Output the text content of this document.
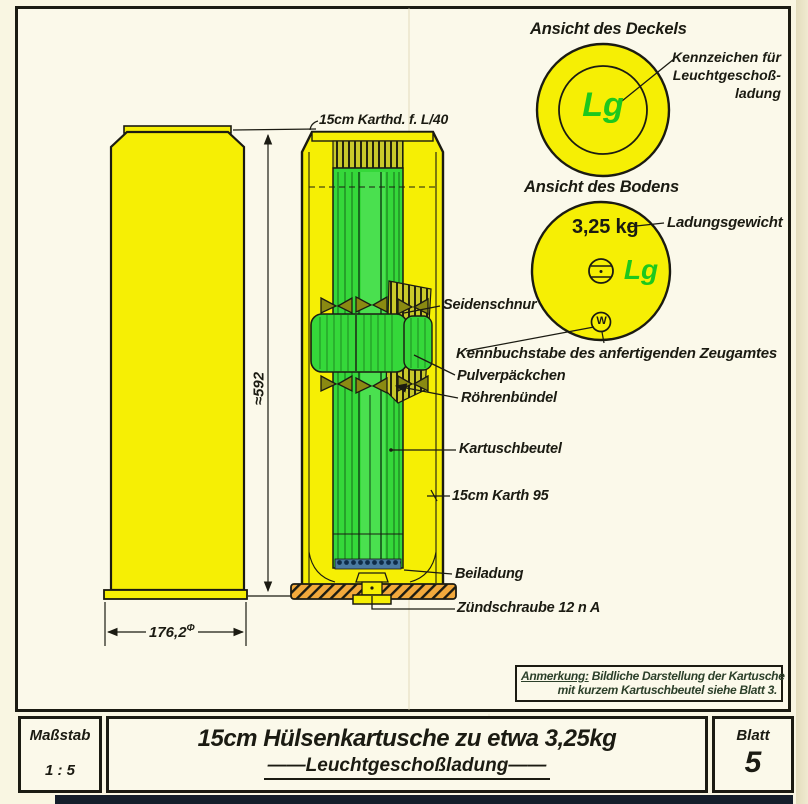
Ansicht des Deckels
Kennzeichen für
Leuchtgeschoß-
ladung
Lg
Ansicht des Bodens
3,25 kg Ladungsgewicht
Lg
W
Kennbuchstabe des anfertigenden Zeugamtes
15cm Karthd. f. L/40
Seidenschnur
Pulverpäckchen
Röhrenbündel
Kartuschbeutel
15cm Karth 95
Beiladung
Zündschraube 12 n A
≈592
$176,2^\Phi$
Anmerkung: Bildliche Darstellung der Kartusche
mit kurzem Kartuschbeutel siehe Blatt 3.
Maßstab
1 : 5
15cm Hülsenkartusche zu etwa 3,25kg
——Leuchtgeschoßladung——
Blatt
5
